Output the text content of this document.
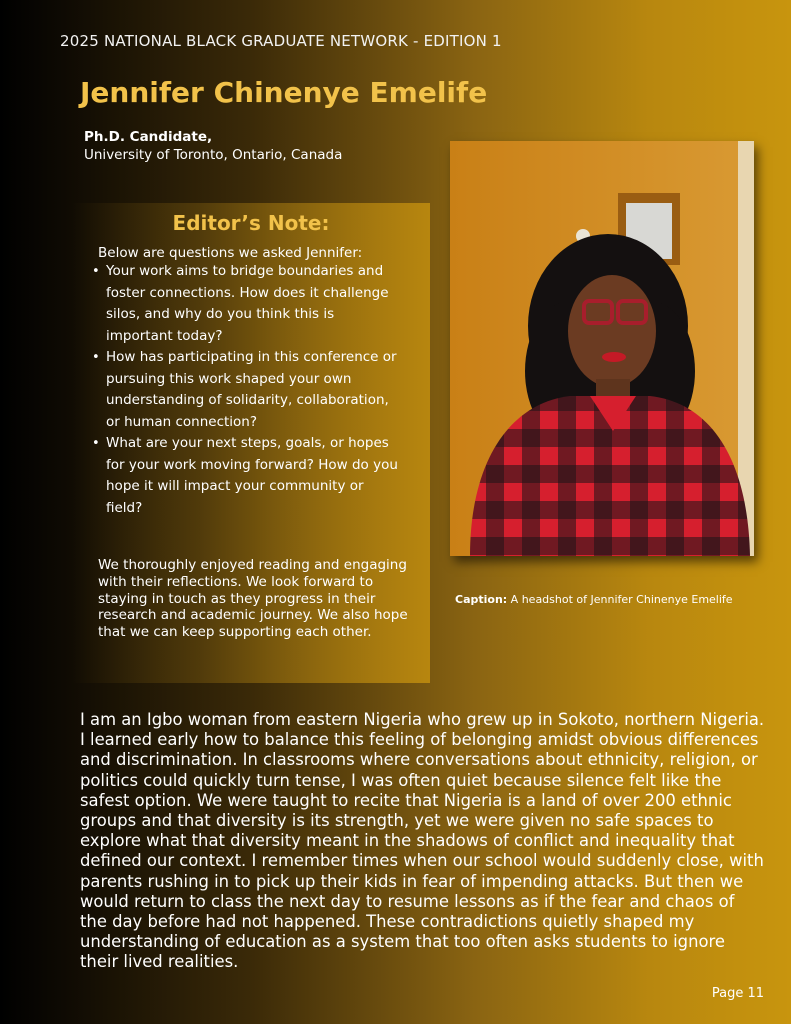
2025 NATIONAL BLACK GRADUATE NETWORK - EDITION 1
Jennifer Chinenye Emelife
Ph.D. Candidate,
University of Toronto, Ontario, Canada
Editor’s Note:
Below are questions we asked Jennifer:
• Your work aims to bridge boundaries and foster connections. How does it challenge silos, and why do you think this is important today?
• How has participating in this conference or pursuing this work shaped your own understanding of solidarity, collaboration, or human connection?
• What are your next steps, goals, or hopes for your work moving forward? How do you hope it will impact your community or field?
We thoroughly enjoyed reading and engaging with their reflections. We look forward to staying in touch as they progress in their research and academic journey. We also hope that we can keep supporting each other.
Caption: A headshot of Jennifer Chinenye Emelife
I am an Igbo woman from eastern Nigeria who grew up in Sokoto, northern Nigeria. I learned early how to balance this feeling of belonging amidst obvious differences and discrimination. In classrooms where conversations about ethnicity, religion, or politics could quickly turn tense, I was often quiet because silence felt like the safest option. We were taught to recite that Nigeria is a land of over 200 ethnic groups and that diversity is its strength, yet we were given no safe spaces to explore what that diversity meant in the shadows of conflict and inequality that defined our context. I remember times when our school would suddenly close, with parents rushing in to pick up their kids in fear of impending attacks. But then we would return to class the next day to resume lessons as if the fear and chaos of the day before had not happened. These contradictions quietly shaped my understanding of education as a system that too often asks students to ignore their lived realities.
Page 11
